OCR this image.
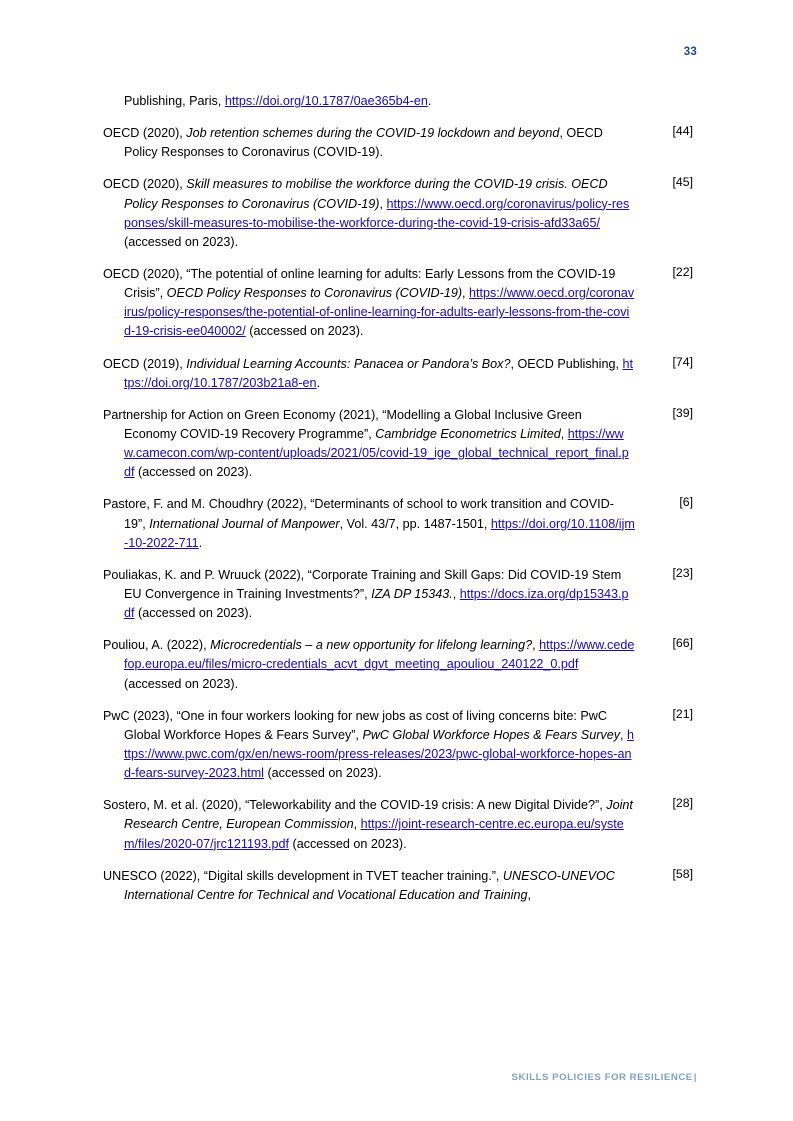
33
Publishing, Paris, https://doi.org/10.1787/0ae365b4-en.
OECD (2020), Job retention schemes during the COVID-19 lockdown and beyond, OECD Policy Responses to Coronavirus (COVID-19).
[44]
OECD (2020), Skill measures to mobilise the workforce during the COVID-19 crisis. OECD Policy Responses to Coronavirus (COVID-19), https://www.oecd.org/coronavirus/policy-responses/skill-measures-to-mobilise-the-workforce-during-the-covid-19-crisis-afd33a65/ (accessed on 2023).
[45]
OECD (2020), “The potential of online learning for adults: Early Lessons from the COVID-19 Crisis”, OECD Policy Responses to Coronavirus (COVID-19), https://www.oecd.org/coronavirus/policy-responses/the-potential-of-online-learning-for-adults-early-lessons-from-the-covid-19-crisis-ee040002/ (accessed on 2023).
[22]
OECD (2019), Individual Learning Accounts: Panacea or Pandora’s Box?, OECD Publishing, https://doi.org/10.1787/203b21a8-en.
[74]
Partnership for Action on Green Economy (2021), “Modelling a Global Inclusive Green Economy COVID-19 Recovery Programme”, Cambridge Econometrics Limited, https://www.camecon.com/wp-content/uploads/2021/05/covid-19_ige_global_technical_report_final.pdf (accessed on 2023).
[39]
Pastore, F. and M. Choudhry (2022), “Determinants of school to work transition and COVID-19”, International Journal of Manpower, Vol. 43/7, pp. 1487-1501, https://doi.org/10.1108/ijm-10-2022-711.
[6]
Pouliakas, K. and P. Wruuck (2022), “Corporate Training and Skill Gaps: Did COVID-19 Stem EU Convergence in Training Investments?”, IZA DP 15343., https://docs.iza.org/dp15343.pdf (accessed on 2023).
[23]
Pouliou, A. (2022), Microcredentials – a new opportunity for lifelong learning?, https://www.cedefop.europa.eu/files/micro-credentials_acvt_dgvt_meeting_apouliou_240122_0.pdf (accessed on 2023).
[66]
PwC (2023), “One in four workers looking for new jobs as cost of living concerns bite: PwC Global Workforce Hopes & Fears Survey”, PwC Global Workforce Hopes & Fears Survey, https://www.pwc.com/gx/en/news-room/press-releases/2023/pwc-global-workforce-hopes-and-fears-survey-2023.html (accessed on 2023).
[21]
Sostero, M. et al. (2020), “Teleworkability and the COVID-19 crisis: A new Digital Divide?”, Joint Research Centre, European Commission, https://joint-research-centre.ec.europa.eu/system/files/2020-07/jrc121193.pdf (accessed on 2023).
[28]
UNESCO (2022), “Digital skills development in TVET teacher training.”, UNESCO-UNEVOC International Centre for Technical and Vocational Education and Training,
[58]
SKILLS POLICIES FOR RESILIENCE|
